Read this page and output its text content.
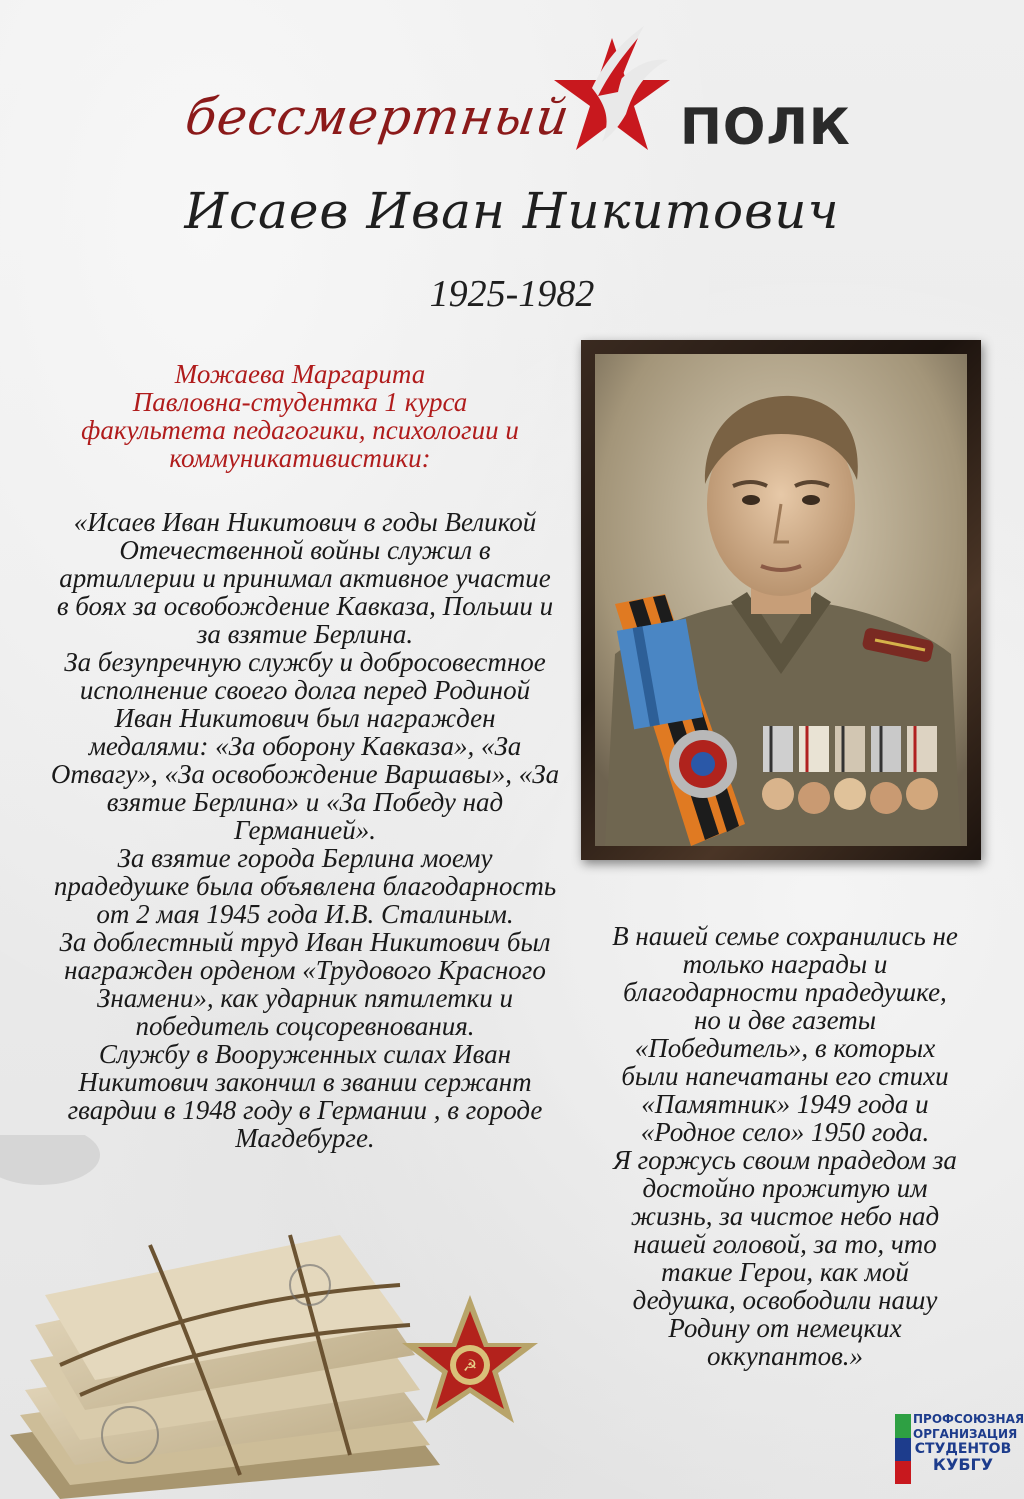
бессмертный ПОЛК
Исаев Иван Никитович
1925-1982
Можаева Маргарита
Павловна-студентка 1 курса
факультета педагогики, психологии и
коммуникативистики:
«Исаев Иван Никитович в годы Великой
Отечественной войны служил в
артиллерии и принимал активное участие
в боях за освобождение Кавказа, Польши и
за взятие Берлина.
За безупречную службу и добросовестное
исполнение своего долга перед Родиной
Иван Никитович был награжден
медалями: «За оборону Кавказа», «За
Отвагу», «За освобождение Варшавы», «За
взятие Берлина» и «За Победу над
Германией».
За взятие города Берлина моему
прадедушке была объявлена благодарность
от 2 мая 1945 года И.В. Сталиным.
За доблестный труд Иван Никитович был
награжден орденом «Трудового Красного
Знамени», как ударник пятилетки и
победитель соцсоревнования.
Службу в Вооруженных силах Иван
Никитович закончил в звании сержант
гвардии в 1948 году в Германии , в городе
Магдебурге.
В нашей семье сохранились не
только награды и
благодарности прадедушке,
но и две газеты
«Победитель», в которых
были напечатаны его стихи
«Памятник» 1949 года и
«Родное село» 1950 года.
Я горжусь своим прадедом за
достойно прожитую им
жизнь, за чистое небо над
нашей головой, за то, что
такие Герои, как мой
дедушка, освободили нашу
Родину от немецких
оккупантов.»
☭
ПРОФСОЮЗНАЯ
ОРГАНИЗАЦИЯ
СТУДЕНТОВ
КУБГУ
